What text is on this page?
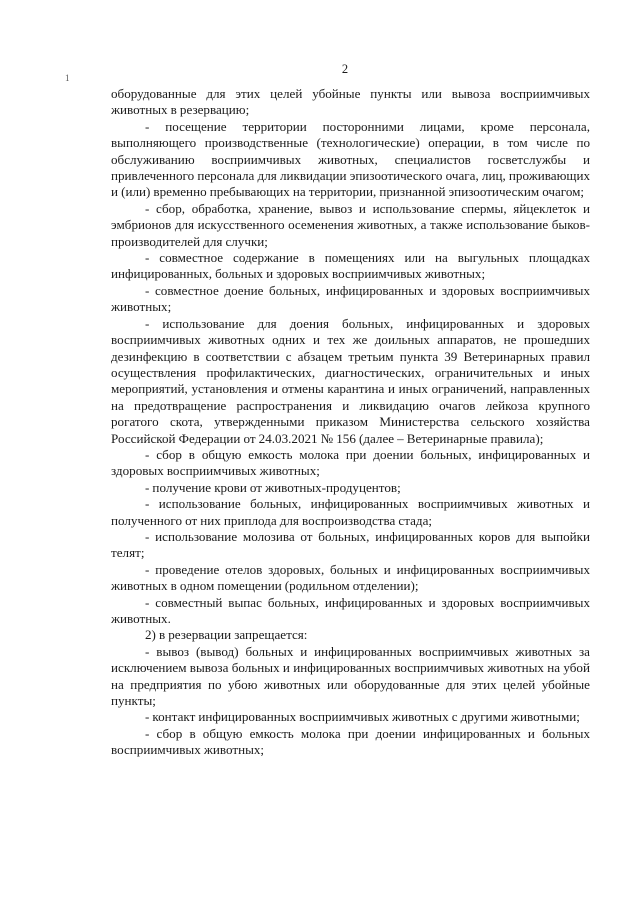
1
2

оборудованные для этих целей убойные пункты или вывоза восприимчивых животных в резервацию;

- посещение территории посторонними лицами, кроме персонала, выполняющего производственные (технологические) операции, в том числе по обслуживанию восприимчивых животных, специалистов госветслужбы и привлеченного персонала для ликвидации эпизоотического очага, лиц, проживающих и (или) временно пребывающих на территории, признанной эпизоотическим очагом;

- сбор, обработка, хранение, вывоз и использование спермы, яйцеклеток и эмбрионов для искусственного осеменения животных, а также использование быков-производителей для случки;

- совместное содержание в помещениях или на выгульных площадках инфицированных, больных и здоровых восприимчивых животных;

- совместное доение больных, инфицированных и здоровых восприимчивых животных;

- использование для доения больных, инфицированных и здоровых восприимчивых животных одних и тех же доильных аппаратов, не прошедших дезинфекцию в соответствии с абзацем третьим пункта 39 Ветеринарных правил осуществления профилактических, диагностических, ограничительных и иных мероприятий, установления и отмены карантина и иных ограничений, направленных на предотвращение распространения и ликвидацию очагов лейкоза крупного рогатого скота, утвержденными приказом Министерства сельского хозяйства Российской Федерации от 24.03.2021 № 156 (далее – Ветеринарные правила);

- сбор в общую емкость молока при доении больных, инфицированных и здоровых восприимчивых животных;

- получение крови от животных-продуцентов;

- использование больных, инфицированных восприимчивых животных и полученного от них приплода для воспроизводства стада;

- использование молозива от больных, инфицированных коров для выпойки телят;

- проведение отелов здоровых, больных и инфицированных восприимчивых животных в одном помещении (родильном отделении);

- совместный выпас больных, инфицированных и здоровых восприимчивых животных.

2) в резервации запрещается:

- вывоз (вывод) больных и инфицированных восприимчивых животных за исключением вывоза больных и инфицированных восприимчивых животных на убой на предприятия по убою животных или оборудованные для этих целей убойные пункты;

- контакт инфицированных восприимчивых животных с другими животными;

- сбор в общую емкость молока при доении инфицированных и больных восприимчивых животных;
